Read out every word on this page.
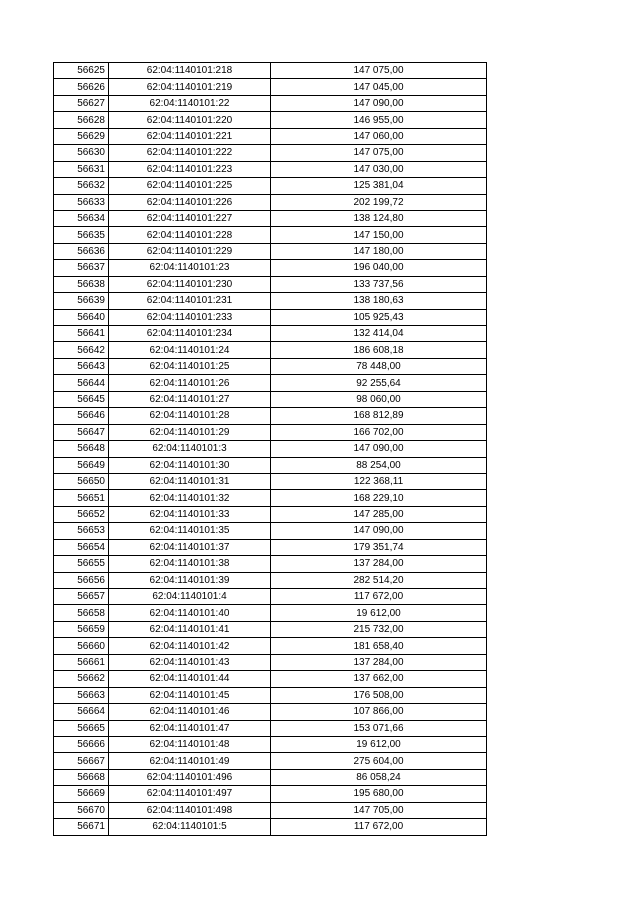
56625	62:04:1140101:218	147 075,00
56626	62:04:1140101:219	147 045,00
56627	62:04:1140101:22	147 090,00
56628	62:04:1140101:220	146 955,00
56629	62:04:1140101:221	147 060,00
56630	62:04:1140101:222	147 075,00
56631	62:04:1140101:223	147 030,00
56632	62:04:1140101:225	125 381,04
56633	62:04:1140101:226	202 199,72
56634	62:04:1140101:227	138 124,80
56635	62:04:1140101:228	147 150,00
56636	62:04:1140101:229	147 180,00
56637	62:04:1140101:23	196 040,00
56638	62:04:1140101:230	133 737,56
56639	62:04:1140101:231	138 180,63
56640	62:04:1140101:233	105 925,43
56641	62:04:1140101:234	132 414,04
56642	62:04:1140101:24	186 608,18
56643	62:04:1140101:25	78 448,00
56644	62:04:1140101:26	92 255,64
56645	62:04:1140101:27	98 060,00
56646	62:04:1140101:28	168 812,89
56647	62:04:1140101:29	166 702,00
56648	62:04:1140101:3	147 090,00
56649	62:04:1140101:30	88 254,00
56650	62:04:1140101:31	122 368,11
56651	62:04:1140101:32	168 229,10
56652	62:04:1140101:33	147 285,00
56653	62:04:1140101:35	147 090,00
56654	62:04:1140101:37	179 351,74
56655	62:04:1140101:38	137 284,00
56656	62:04:1140101:39	282 514,20
56657	62:04:1140101:4	117 672,00
56658	62:04:1140101:40	19 612,00
56659	62:04:1140101:41	215 732,00
56660	62:04:1140101:42	181 658,40
56661	62:04:1140101:43	137 284,00
56662	62:04:1140101:44	137 662,00
56663	62:04:1140101:45	176 508,00
56664	62:04:1140101:46	107 866,00
56665	62:04:1140101:47	153 071,66
56666	62:04:1140101:48	19 612,00
56667	62:04:1140101:49	275 604,00
56668	62:04:1140101:496	86 058,24
56669	62:04:1140101:497	195 680,00
56670	62:04:1140101:498	147 705,00
56671	62:04:1140101:5	117 672,00
